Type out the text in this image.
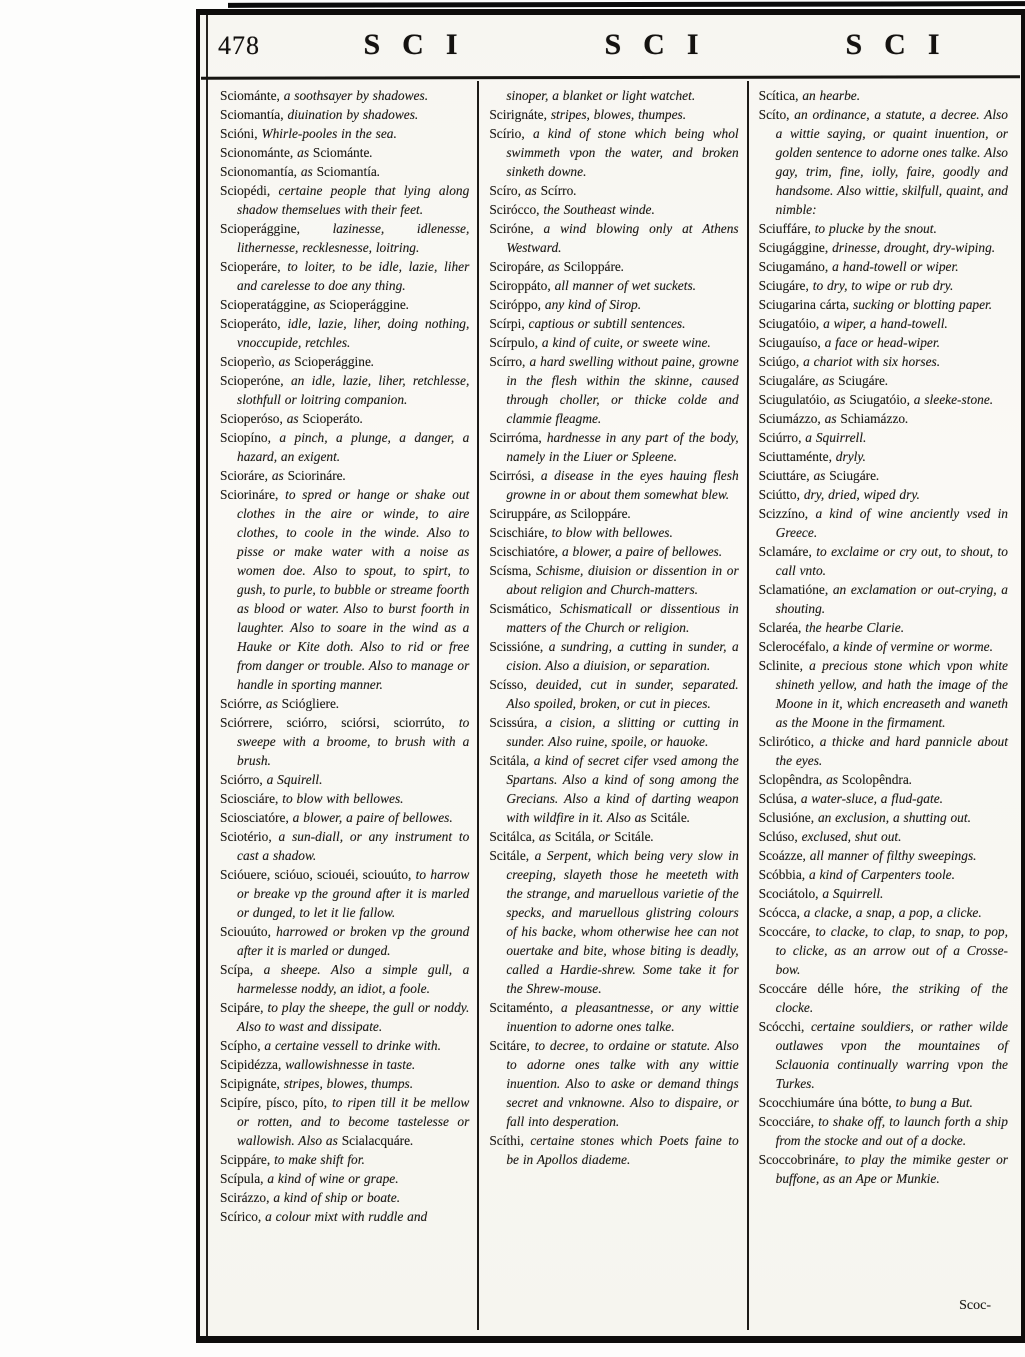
478	SCI	SCI	SCI

Sciománte, a soothsayer by shadowes.

Sciomantía, diuination by shadowes.

Scióni, Whirle-pooles in the sea.

Scionománte, as Sciománte.

Scionomantía, as Sciomantía.

Sciopédi, certaine people that lying along shadow themselues with their feet.

Scioperággine, lazinesse, idlenesse, lithernesse, recklesnesse, loitring.

Scioperáre, to loiter, to be idle, lazie, liher and carelesse to doe any thing.

Scioperatággine, as Scioperággine.

Scioperáto, idle, lazie, liher, doing nothing, vnoccupide, retchles.

Scioperìo, as Scioperággine.

Scioperóne, an idle, lazie, liher, retchlesse, slothfull or loitring companion.

Scioperóso, as Scioperáto.

Sciopíno, a pinch, a plunge, a danger, a hazard, an exigent.

Scioráre, as Sciorináre.

Sciorináre, to spred or hange or shake out clothes in the aire or winde, to aire clothes, to coole in the winde. Also to pisse or make water with a noise as women doe. Also to spout, to spirt, to gush, to purle, to bubble or streame foorth as blood or water. Also to burst foorth in laughter. Also to soare in the wind as a Hauke or Kite doth. Also to rid or free from danger or trouble. Also to manage or handle in sporting manner.

Sciórre, as Sciógliere.

Sciórrere, sciórro, sciórsi, sciorrúto, to sweepe with a broome, to brush with a brush.

Sciórro, a Squirell.

Sciosciáre, to blow with bellowes.

Sciosciatóre, a blower, a paire of bellowes.

Sciotério, a sun-diall, or any instrument to cast a shadow.

Scióuere, scióuo, sciouéi, sciouúto, to harrow or breake vp the ground after it is marled or dunged, to let it lie fallow.

Sciouúto, harrowed or broken vp the ground after it is marled or dunged.

Scípa, a sheepe. Also a simple gull, a harmelesse noddy, an idiot, a foole.

Scipáre, to play the sheepe, the gull or noddy. Also to wast and dissipate.

Scípho, a certaine vessell to drinke with.

Scipidézza, wallowishnesse in taste.

Scipignáte, stripes, blowes, thumps.

Scipíre, písco, píto, to ripen till it be mellow or rotten, and to become tastelesse or wallowish. Also as Scialacquáre.

Scippáre, to make shift for.

Scípula, a kind of wine or grape.

Scirázzo, a kind of ship or boate.

Scírico, a colour mixt with ruddle and

sinoper, a blanket or light watchet.

Scirignáte, stripes, blowes, thumpes.

Scírio, a kind of stone which being whol swimmeth vpon the water, and broken sinketh downe.

Scíro, as Scírro.

Scirócco, the Southeast winde.

Sciróne, a wind blowing only at Athens Westward.

Sciropáre, as Sciloppáre.

Sciroppáto, all manner of wet suckets.

Sciróppo, any kind of Sirop.

Scírpi, captious or subtill sentences.

Scírpulo, a kind of cuite, or sweete wine.

Scírro, a hard swelling without paine, growne in the flesh within the skinne, caused through choller, or thicke colde and clammie fleagme.

Scirróma, hardnesse in any part of the body, namely in the Liuer or Spleene.

Scirrósi, a disease in the eyes hauing flesh growne in or about them somewhat blew.

Sciruppáre, as Sciloppáre.

Scischiáre, to blow with bellowes.

Scischiatóre, a blower, a paire of bellowes.

Scísma, Schisme, diuision or dissention in or about religion and Church-matters.

Scismático, Schismaticall or dissentious in matters of the Church or religion.

Scissióne, a sundring, a cutting in sunder, a cision. Also a diuision, or separation.

Scísso, deuided, cut in sunder, separated. Also spoiled, broken, or cut in pieces.

Scissúra, a cision, a slitting or cutting in sunder. Also ruine, spoile, or hauoke.

Scitála, a kind of secret cifer vsed among the Spartans. Also a kind of song among the Grecians. Also a kind of darting weapon with wildfire in it. Also as Scitále.

Scitálca, as Scitála, or Scitále.

Scitále, a Serpent, which being very slow in creeping, slayeth those he meeteth with the strange, and maruellous varietie of the specks, and maruellous glistring colours of his backe, whom otherwise hee can not ouertake and bite, whose biting is deadly, called a Hardie-shrew. Some take it for the Shrew-mouse.

Scitaménto, a pleasantnesse, or any wittie inuention to adorne ones talke.

Scitáre, to decree, to ordaine or statute. Also to adorne ones talke with any wittie inuention. Also to aske or demand things secret and vnknowne. Also to dispaire, or fall into desperation.

Scíthi, certaine stones which Poets faine to be in Apollos diademe.

Scítica, an hearbe.

Scíto, an ordinance, a statute, a decree. Also a wittie saying, or quaint inuention, or golden sentence to adorne ones talke. Also gay, trim, fine, iolly, faire, goodly and handsome. Also wittie, skilfull, quaint, and nimble:

Sciuffáre, to plucke by the snout.

Sciugággine, drinesse, drought, dry-wiping.

Sciugamáno, a hand-towell or wiper.

Sciugáre, to dry, to wipe or rub dry.

Sciugarina cárta, sucking or blotting paper.

Sciugatóio, a wiper, a hand-towell.

Sciugauíso, a face or head-wiper.

Sciúgo, a chariot with six horses.

Sciugaláre, as Sciugáre.

Sciugulatóio, as Sciugatóio, a sleeke-stone.

Sciumázzo, as Schiamázzo.

Sciúrro, a Squirrell.

Sciuttaménte, dryly.

Sciuttáre, as Sciugáre.

Sciútto, dry, dried, wiped dry.

Scizzíno, a kind of wine anciently vsed in Greece.

Sclamáre, to exclaime or cry out, to shout, to call vnto.

Sclamatióne, an exclamation or out-crying, a shouting.

Sclaréa, the hearbe Clarie.

Sclerocéfalo, a kinde of vermine or worme.

Sclinite, a precious stone which vpon white shineth yellow, and hath the image of the Moone in it, which encreaseth and waneth as the Moone in the firmament.

Sclirótico, a thicke and hard pannicle about the eyes.

Sclopêndra, as Scolopêndra.

Sclúsa, a water-sluce, a flud-gate.

Sclusióne, an exclusion, a shutting out.

Sclúso, exclused, shut out.

Scoázze, all manner of filthy sweepings.

Scóbbia, a kind of Carpenters toole.

Scociátolo, a Squirrell.

Scócca, a clacke, a snap, a pop, a clicke.

Scoccáre, to clacke, to clap, to snap, to pop, to clicke, as an arrow out of a Crosse-bow.

Scoccáre délle hóre, the striking of the clocke.

Scócchi, certaine souldiers, or rather wilde outlawes vpon the mountaines of Sclauonia continually warring vpon the Turkes.

Scocchiumáre úna bótte, to bung a But.

Scocciáre, to shake off, to launch forth a ship from the stocke and out of a docke.

Scoccobrináre, to play the mimike gester or buffone, as an Ape or Munkie.

Scoc-
